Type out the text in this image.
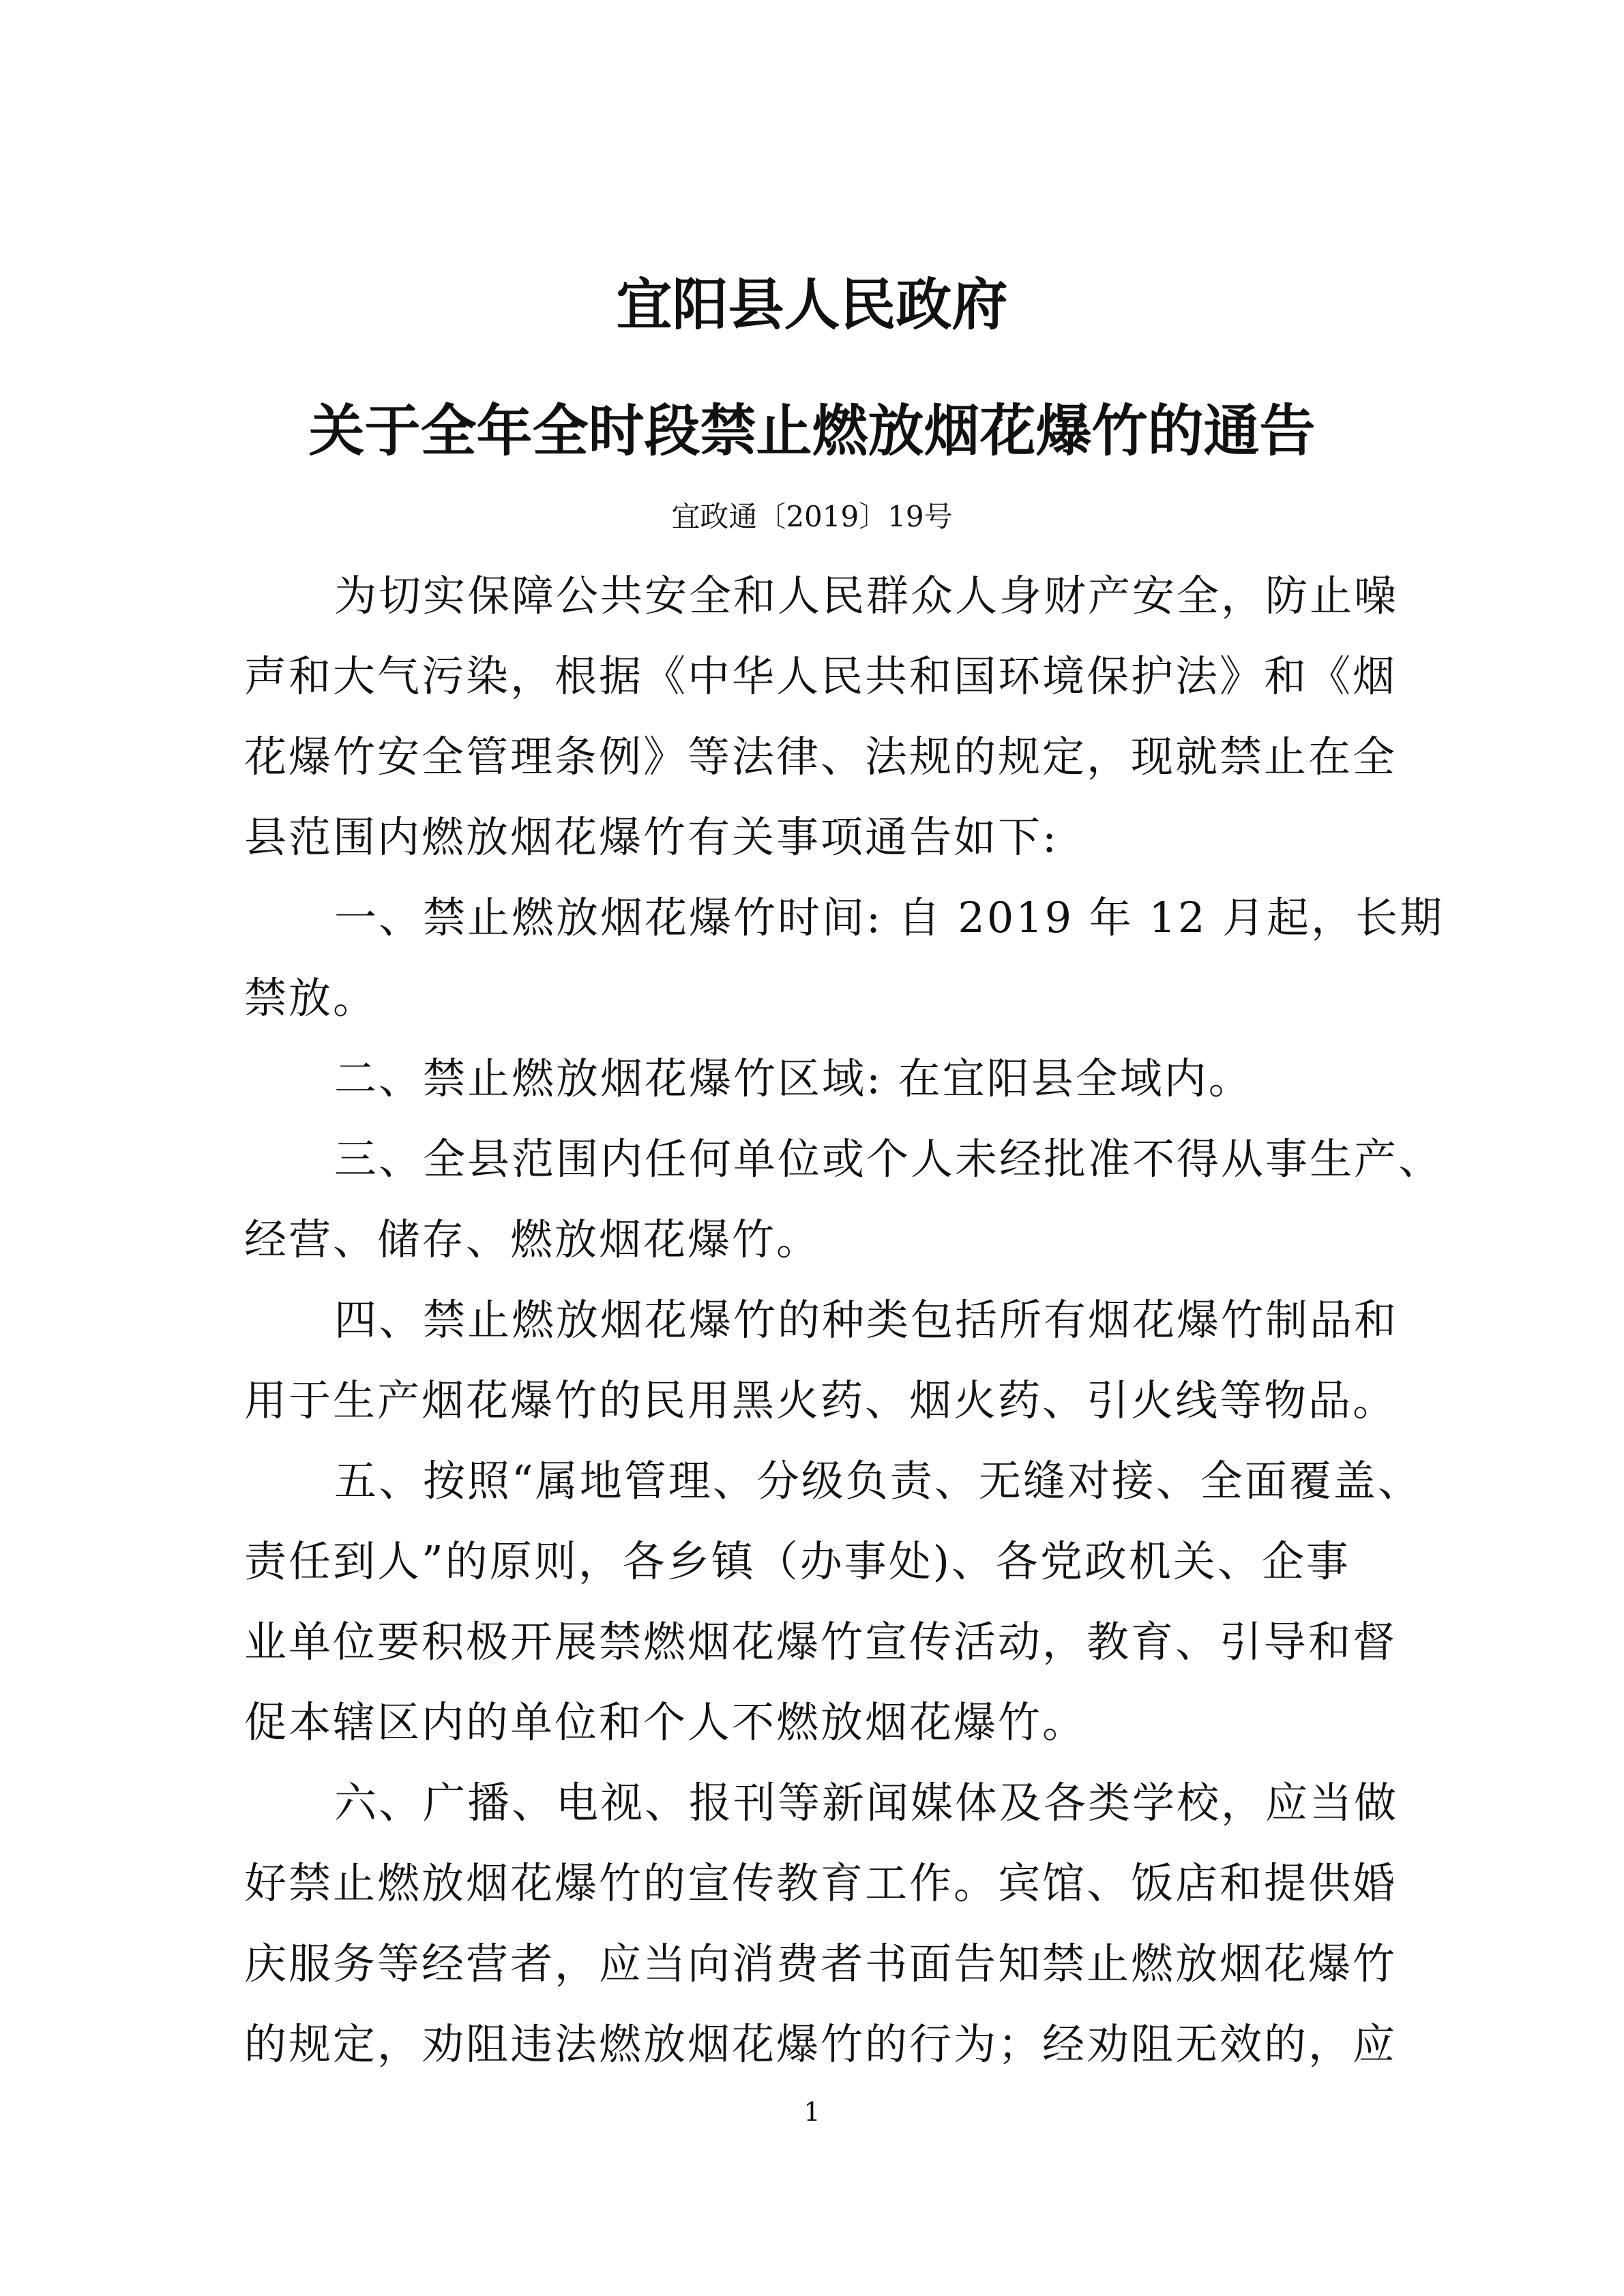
宜阳县人民政府
关于全年全时段禁止燃放烟花爆竹的通告
宜政通〔2019〕19号
为切实保障公共安全和人民群众人身财产安全，防止噪
声和大气污染，根据《中华人民共和国环境保护法》和《烟
花爆竹安全管理条例》等法律、法规的规定，现就禁止在全
县范围内燃放烟花爆竹有关事项通告如下:
一、禁止燃放烟花爆竹时间: 自 2019 年 12 月起，长期
禁放。
二、禁止燃放烟花爆竹区域: 在宜阳县全域内。
三、全县范围内任何单位或个人未经批准不得从事生产、
经营、储存、燃放烟花爆竹。
四、禁止燃放烟花爆竹的种类包括所有烟花爆竹制品和
用于生产烟花爆竹的民用黑火药、烟火药、引火线等物品。
五、按照“属地管理、分级负责、无缝对接、全面覆盖、
责任到人”的原则，各乡镇（办事处)、各党政机关、企事
业单位要积极开展禁燃烟花爆竹宣传活动，教育、引导和督
促本辖区内的单位和个人不燃放烟花爆竹。
六、广播、电视、报刊等新闻媒体及各类学校，应当做
好禁止燃放烟花爆竹的宣传教育工作。宾馆、饭店和提供婚
庆服务等经营者，应当向消费者书面告知禁止燃放烟花爆竹
的规定，劝阻违法燃放烟花爆竹的行为；经劝阻无效的，应
1
